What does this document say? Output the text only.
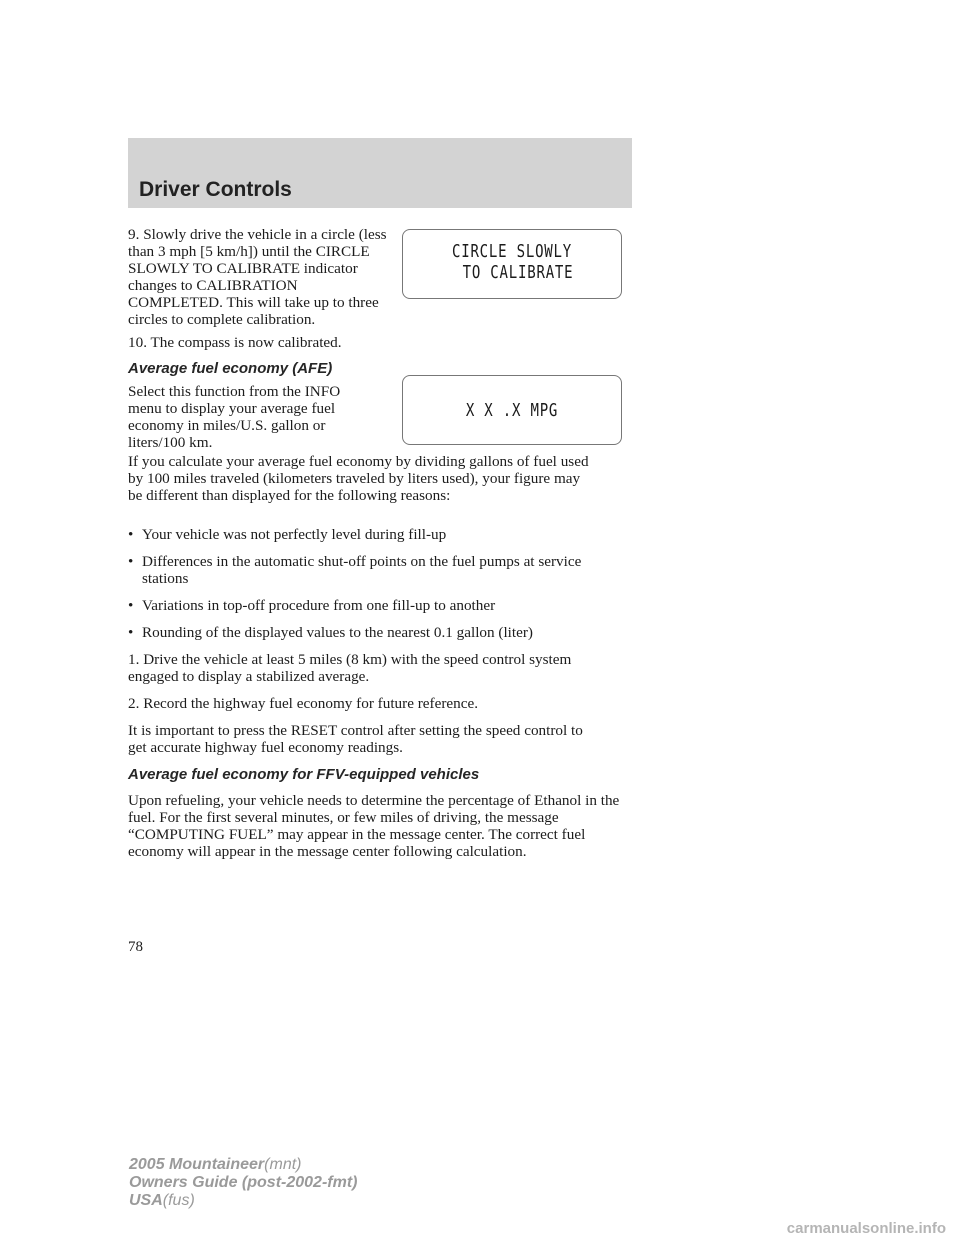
Driver Controls

9. Slowly drive the vehicle in a circle (less than 3 mph [5 km/h]) until the CIRCLE SLOWLY TO CALIBRATE indicator changes to CALIBRATION COMPLETED. This will take up to three circles to complete calibration.

CIRCLE SLOWLY

TO CALIBRATE

10. The compass is now calibrated.

Average fuel economy (AFE)

Select this function from the INFO menu to display your average fuel economy in miles/U.S. gallon or liters/100 km.

X X .X MPG

If you calculate your average fuel economy by dividing gallons of fuel used by 100 miles traveled (kilometers traveled by liters used), your figure may be different than displayed for the following reasons:

• Your vehicle was not perfectly level during fill-up
• Differences in the automatic shut-off points on the fuel pumps at service stations
• Variations in top-off procedure from one fill-up to another
• Rounding of the displayed values to the nearest 0.1 gallon (liter)

1. Drive the vehicle at least 5 miles (8 km) with the speed control system engaged to display a stabilized average.

2. Record the highway fuel economy for future reference.

It is important to press the RESET control after setting the speed control to get accurate highway fuel economy readings.

Average fuel economy for FFV-equipped vehicles

Upon refueling, your vehicle needs to determine the percentage of Ethanol in the fuel. For the first several minutes, or few miles of driving, the message “COMPUTING FUEL” may appear in the message center. The correct fuel economy will appear in the message center following calculation.

78

2005 Mountaineer(mnt)
Owners Guide (post-2002-fmt)
USA(fus)

carmanualsonline.info
